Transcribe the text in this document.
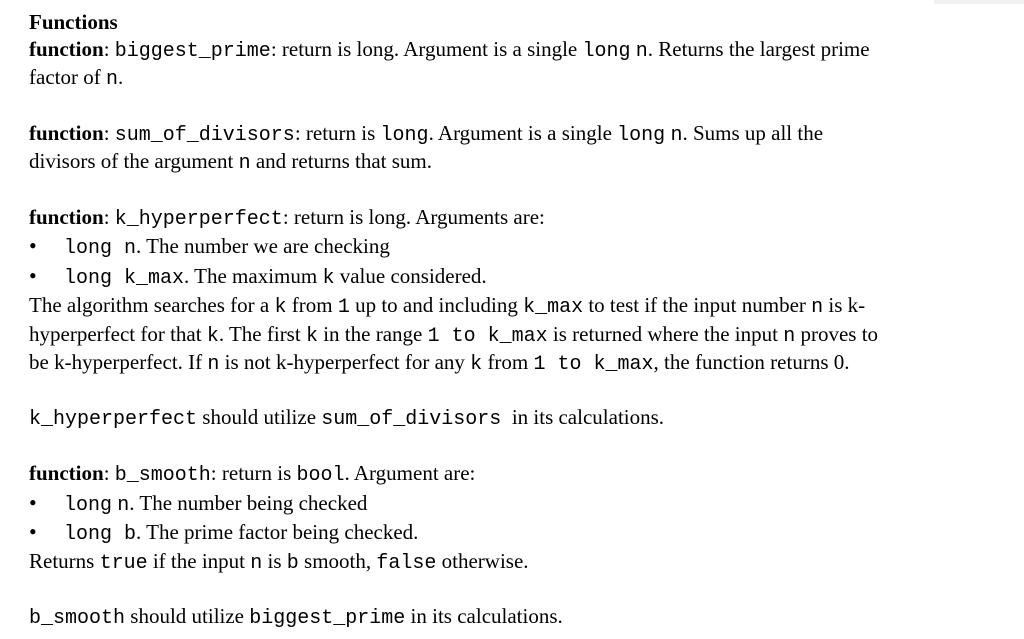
Functions
function: biggest_prime: return is long. Argument is a single long n. Returns the largest prime
factor of n.
function: sum_of_divisors: return is long. Argument is a single long n. Sums up all the
divisors of the argument n and returns that sum.
function: k_hyperperfect: return is long. Arguments are:
• long n. The number we are checking
• long k_max. The maximum k value considered.
The algorithm searches for a k from 1 up to and including k_max to test if the input number n is k-
hyperperfect for that k. The first k in the range 1 to k_max is returned where the input n proves to
be k-hyperperfect. If n is not k-hyperperfect for any k from 1 to k_max, the function returns 0.
k_hyperperfect should utilize sum_of_divisors  in its calculations.
function: b_smooth: return is bool. Argument are:
• long n. The number being checked
• long b. The prime factor being checked.
Returns true if the input n is b smooth, false otherwise.
b_smooth should utilize biggest_prime in its calculations.
